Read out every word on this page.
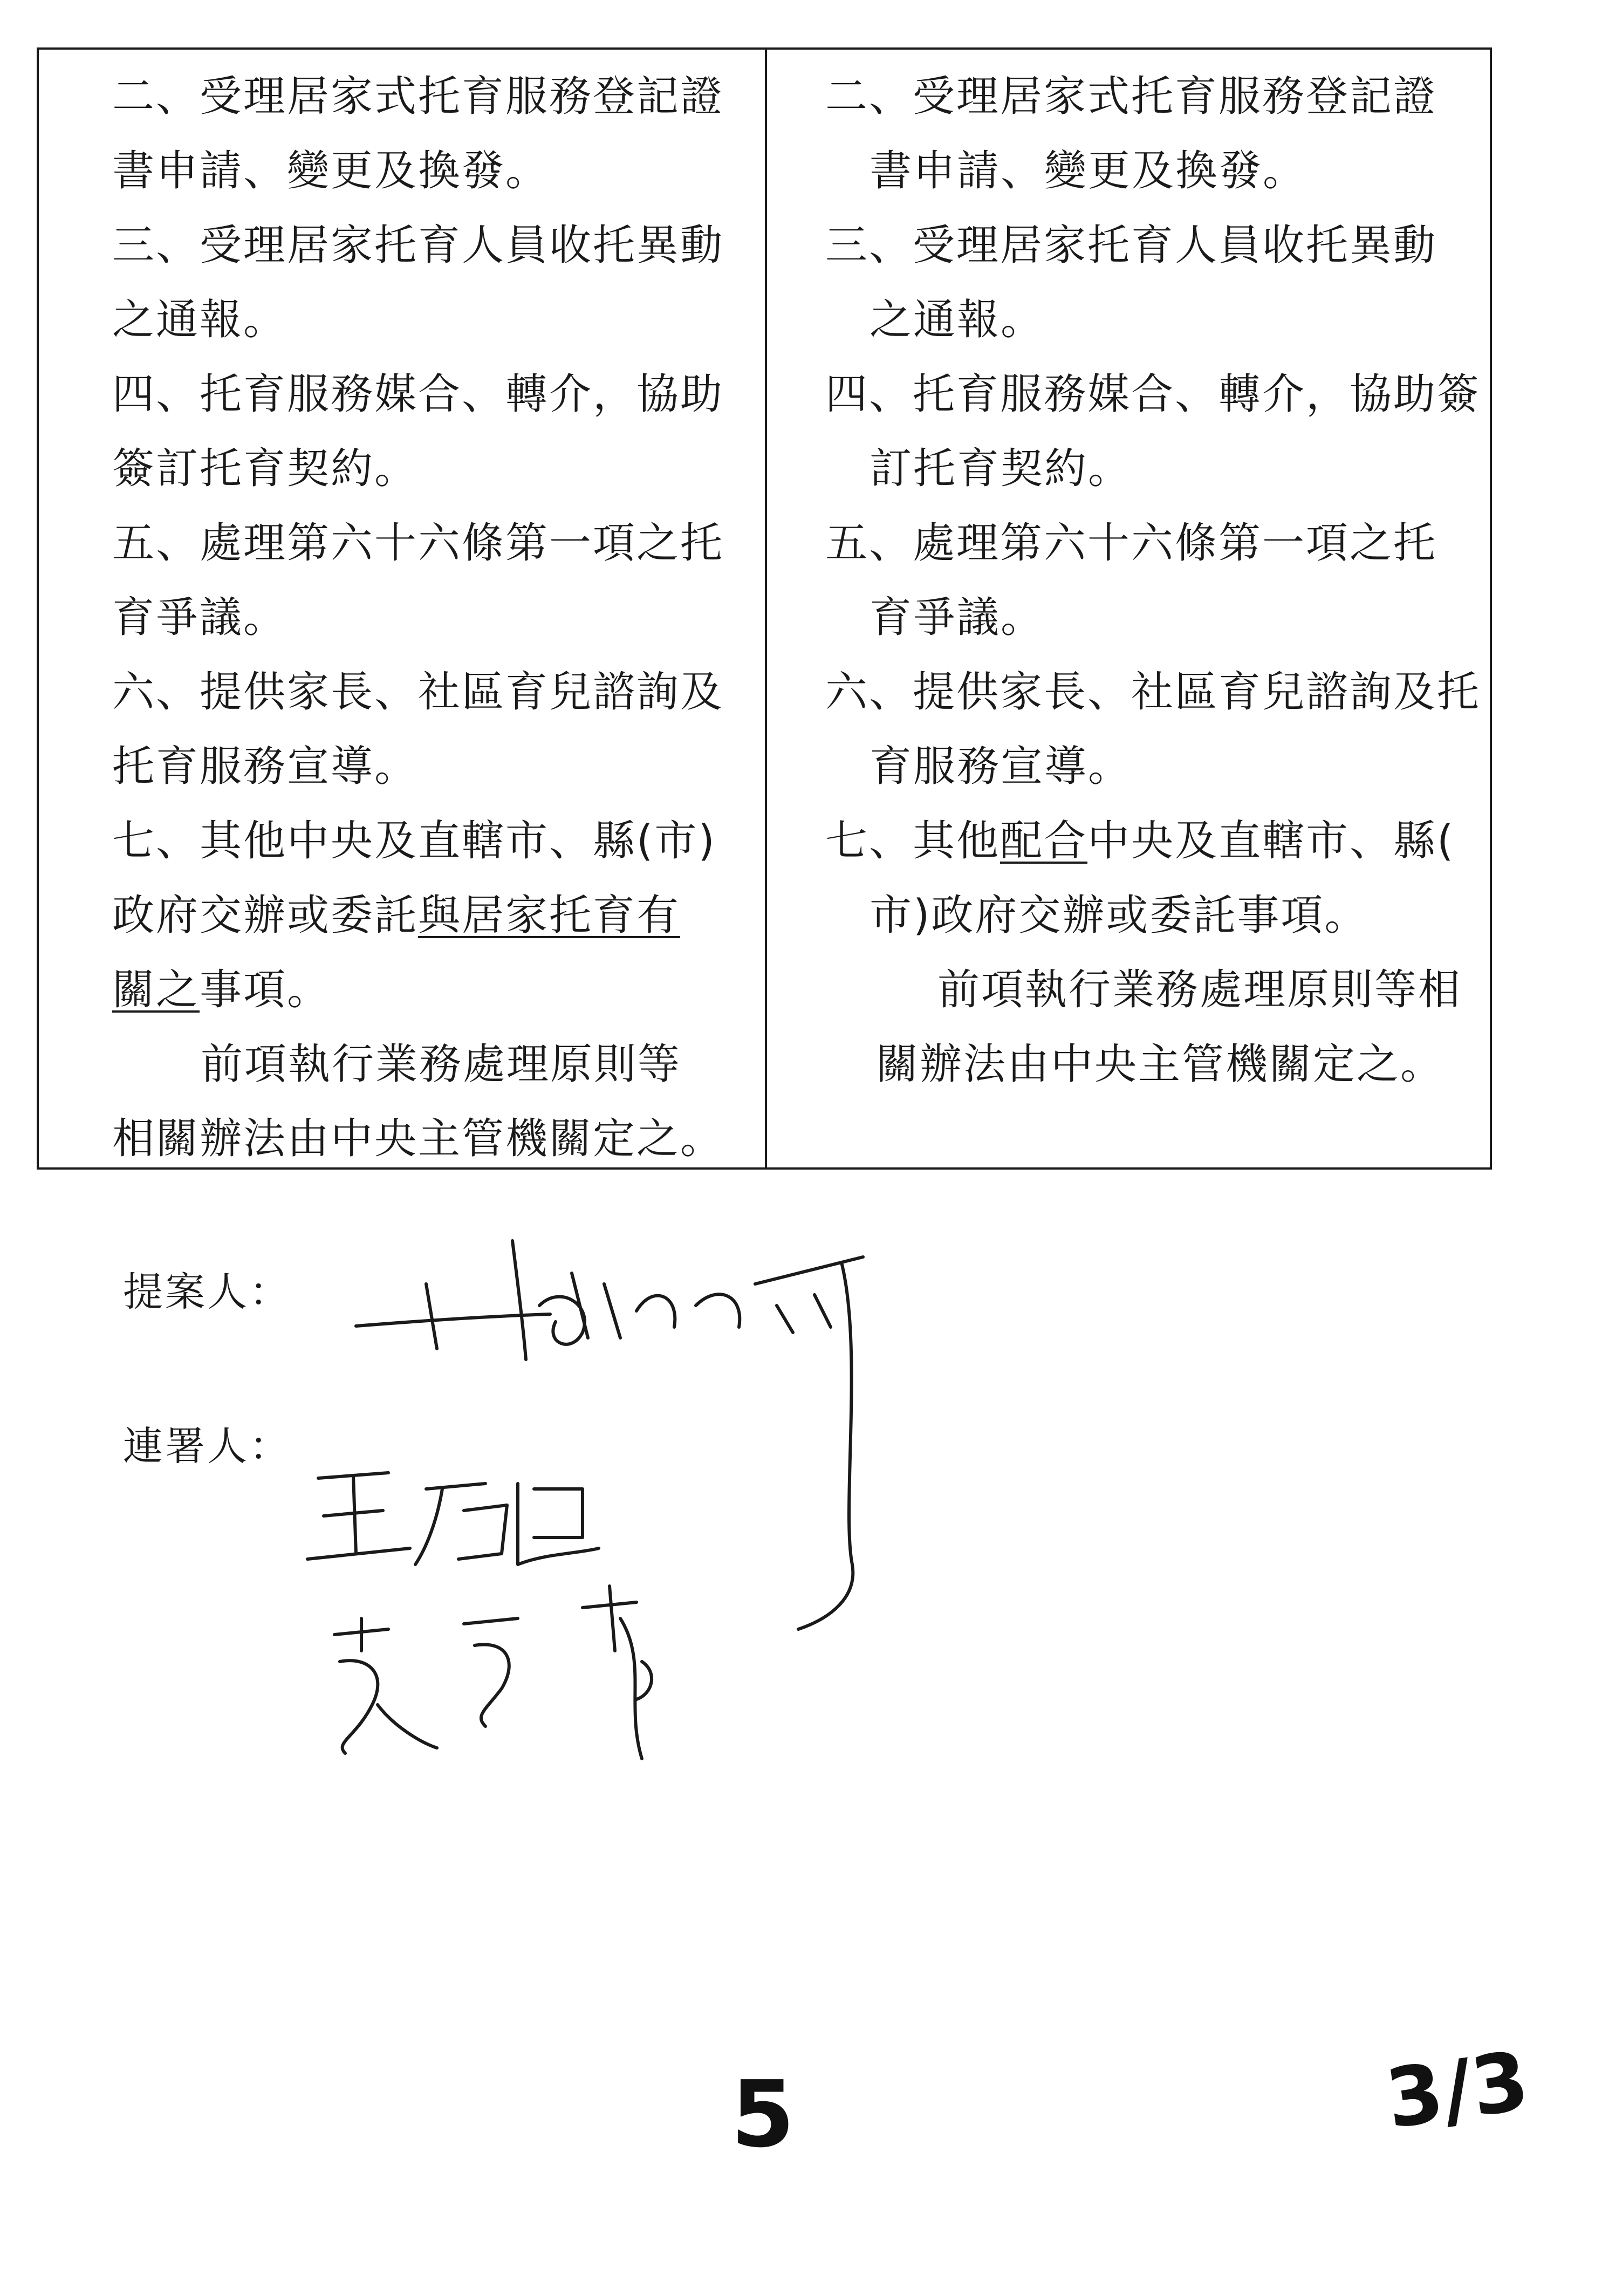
二、受理居家式托育服務登記證
書申請、變更及換發。
三、受理居家托育人員收托異動
之通報。
四、托育服務媒合、轉介，協助
簽訂托育契約。
五、處理第六十六條第一項之托
育爭議。
六、提供家長、社區育兒諮詢及
托育服務宣導。
七、其他中央及直轄市、縣(市)
政府交辦或委託與居家托育有
關之事項。
前項執行業務處理原則等
相關辦法由中央主管機關定之。
二、受理居家式托育服務登記證
書申請、變更及換發。
三、受理居家托育人員收托異動
之通報。
四、托育服務媒合、轉介，協助簽
訂托育契約。
五、處理第六十六條第一項之托
育爭議。
六、提供家長、社區育兒諮詢及托
育服務宣導。
七、其他配合中央及直轄市、縣(
市)政府交辦或委託事項。
前項執行業務處理原則等相
關辦法由中央主管機關定之。
提案人：
連署人：
5	3/3
